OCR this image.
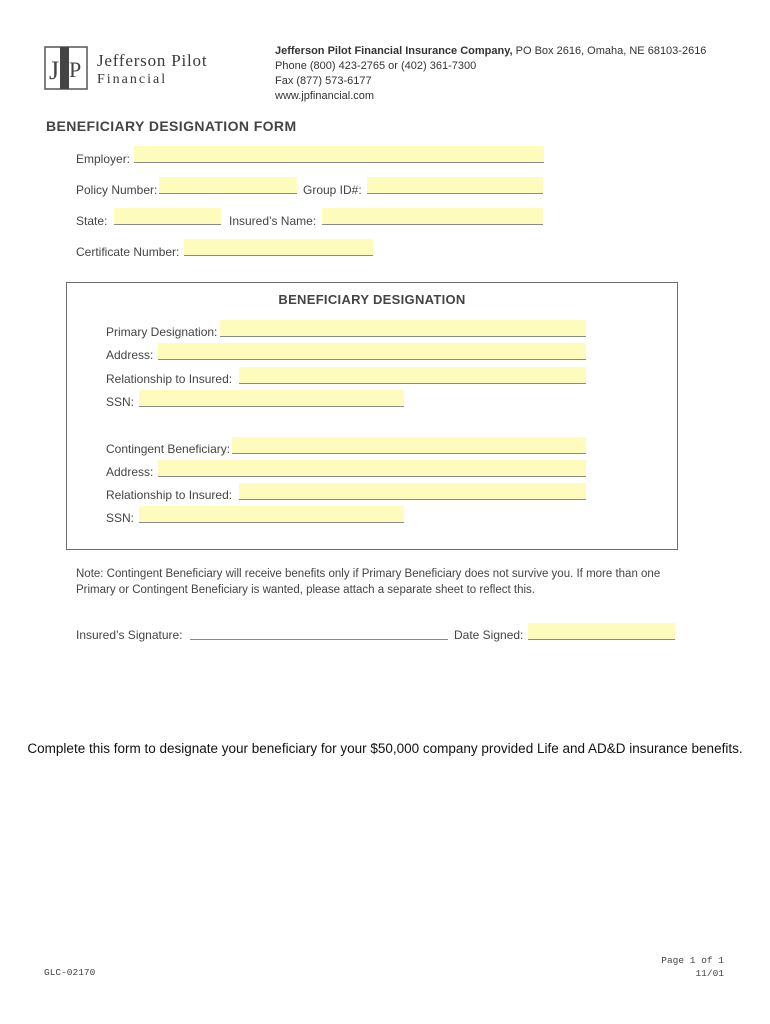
J P Jefferson Pilot
Financial
Jefferson Pilot Financial Insurance Company, PO Box 2616, Omaha, NE 68103-2616
Phone (800) 423-2765 or (402) 361-7300
Fax (877) 573-6177
www.jpfinancial.com
BENEFICIARY DESIGNATION FORM
Employer:
Policy Number:	Group ID#:
State:	Insured’s Name:
Certificate Number:
BENEFICIARY DESIGNATION
Primary Designation:
Address:
Relationship to Insured:
SSN:
Contingent Beneficiary:
Address:
Relationship to Insured:
SSN:
Note: Contingent Beneficiary will receive benefits only if Primary Beneficiary does not survive you. If more than one Primary or Contingent Beneficiary is wanted, please attach a separate sheet to reflect this.
Insured’s Signature:	Date Signed:
Complete this form to designate your beneficiary for your $50,000 company provided Life and AD&D insurance benefits.
GLC-02170
Page 1 of 1
11/01
